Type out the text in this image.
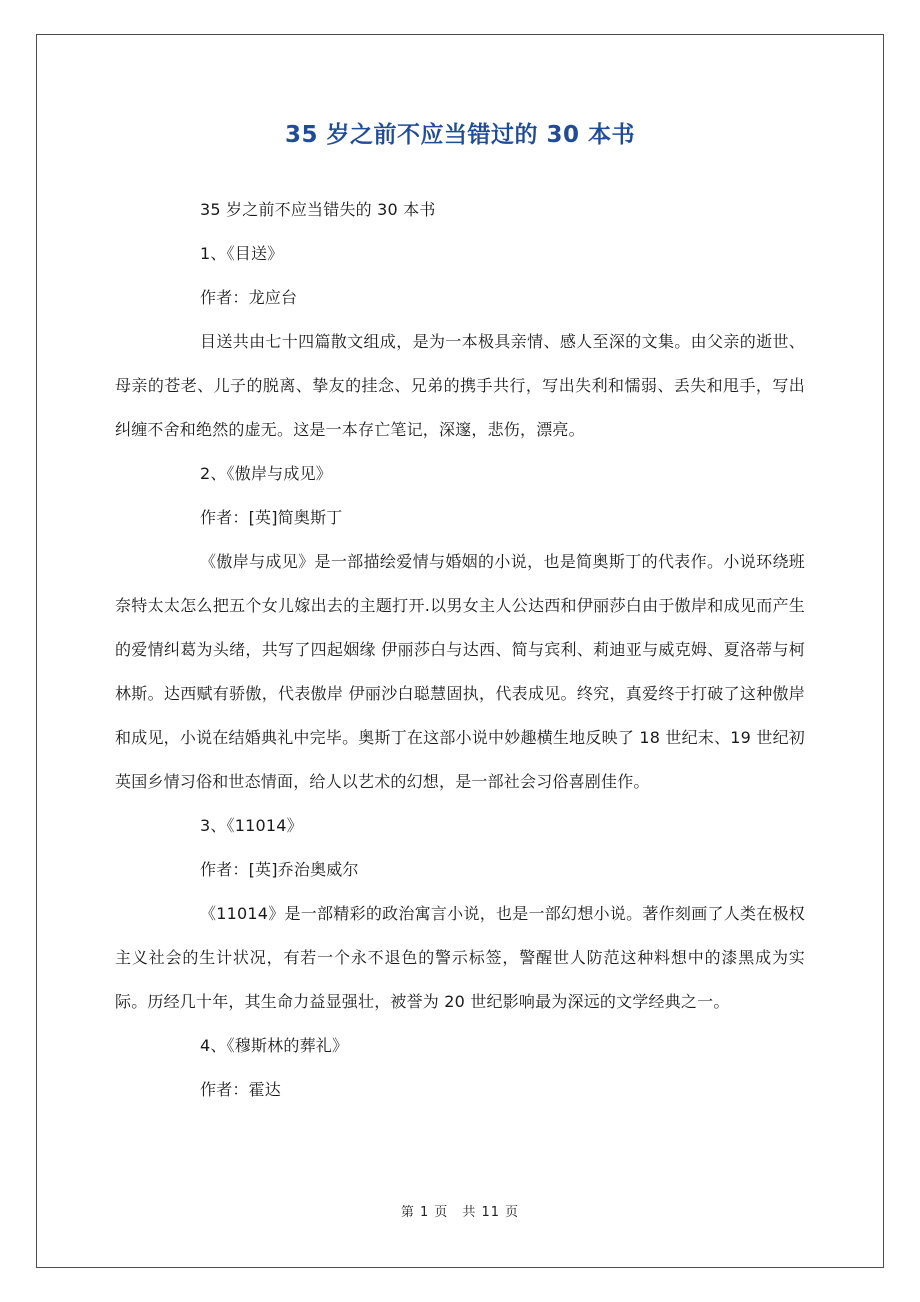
35 岁之前不应当错过的 30 本书

35 岁之前不应当错失的 30 本书

1、《目送》

作者：龙应台

目送共由七十四篇散文组成，是为一本极具亲情、感人至深的文集。由父亲的逝世、母亲的苍老、儿子的脱离、挚友的挂念、兄弟的携手共行，写出失利和懦弱、丢失和甩手，写出纠缠不舍和绝然的虚无。这是一本存亡笔记，深邃，悲伤，漂亮。

2、《傲岸与成见》

作者：[英]简奥斯丁

《傲岸与成见》是一部描绘爱情与婚姻的小说，也是简奥斯丁的代表作。小说环绕班奈特太太怎么把五个女儿嫁出去的主题打开.以男女主人公达西和伊丽莎白由于傲岸和成见而产生的爱情纠葛为头绪，共写了四起姻缘 伊丽莎白与达西、简与宾利、莉迪亚与威克姆、夏洛蒂与柯林斯。达西赋有骄傲，代表傲岸 伊丽沙白聪慧固执，代表成见。终究，真爱终于打破了这种傲岸和成见，小说在结婚典礼中完毕。奥斯丁在这部小说中妙趣横生地反映了 18 世纪末、19 世纪初英国乡情习俗和世态情面，给人以艺术的幻想，是一部社会习俗喜剧佳作。

3、《11014》

作者：[英]乔治奥威尔

《11014》是一部精彩的政治寓言小说，也是一部幻想小说。著作刻画了人类在极权主义社会的生计状况，有若一个永不退色的警示标签，警醒世人防范这种料想中的漆黑成为实际。历经几十年，其生命力益显强壮，被誉为 20 世纪影响最为深远的文学经典之一。

4、《穆斯林的葬礼》

作者：霍达

第 1 页　共 11 页
